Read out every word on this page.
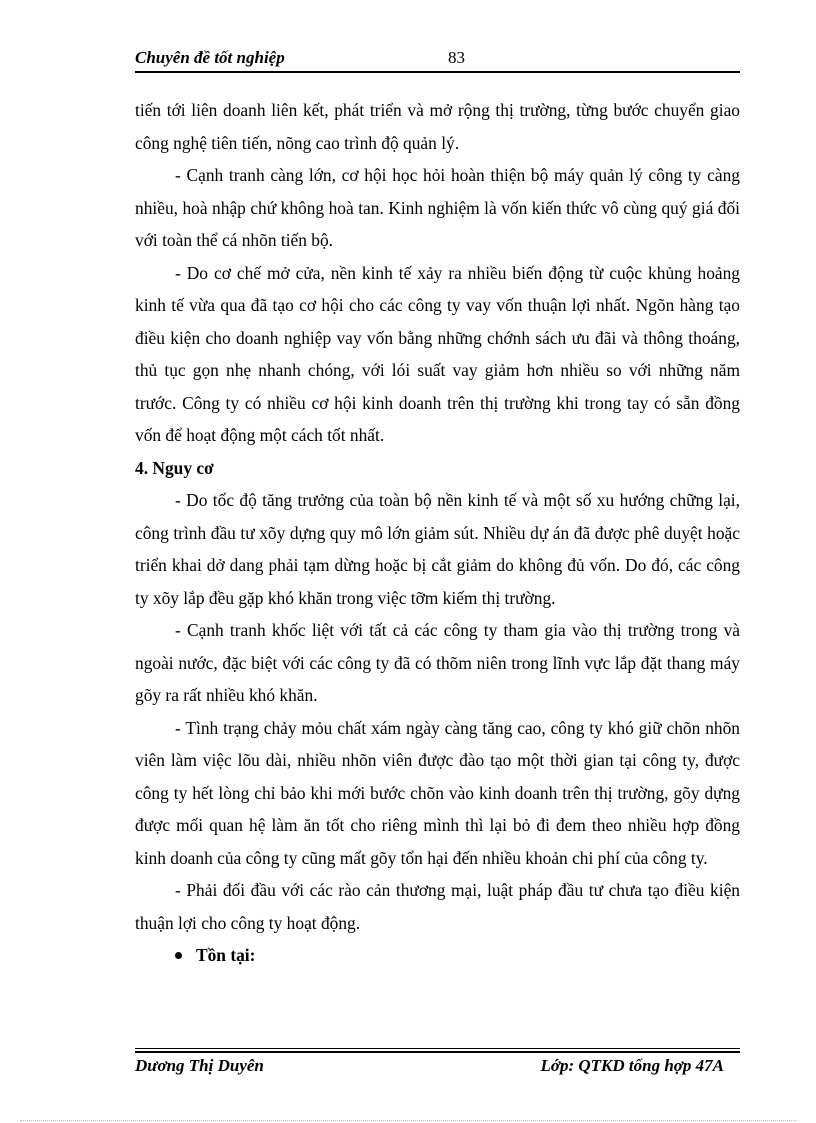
Chuyên đề tốt nghiệp	83

tiến tới liên doanh liên kết, phát triển và mở rộng thị trường, từng bước chuyển giao công nghệ tiên tiến, nõng cao trình độ quản lý.

- Cạnh tranh càng lớn, cơ hội học hỏi hoàn thiện bộ máy quản lý công ty càng nhiều, hoà nhập chứ không hoà tan. Kinh nghiệm là vốn kiến thức vô cùng quý giá đối với toàn thể cá nhõn tiến bộ.

- Do cơ chế mở cửa, nền kinh tế xảy ra nhiều biến động từ cuộc khủng hoảng kinh tế vừa qua đã tạo cơ hội cho các công ty vay vốn thuận lợi nhất. Ngõn hàng tạo điều kiện cho doanh nghiệp vay vốn bằng những chớnh sách ưu đãi và thông thoáng, thủ tục gọn nhẹ nhanh chóng, với lói suất vay giảm hơn nhiều so với những năm trước. Công ty có nhiều cơ hội kinh doanh trên thị trường khi trong tay có sẵn đồng vốn để hoạt động một cách tốt nhất.

4. Nguy cơ

- Do tốc độ tăng trưởng của toàn bộ nền kinh tế và một số xu hướng chững lại, công trình đầu tư xõy dựng quy mô lớn giảm sút. Nhiều dự án đã được phê duyệt hoặc triển khai dở dang phải tạm dừng hoặc bị cắt giảm do không đủ vốn. Do đó, các công ty xõy lắp đều gặp khó khăn trong việc tỡm kiếm thị trường.

- Cạnh tranh khốc liệt với tất cả các công ty tham gia vào thị trường trong và ngoài nước, đặc biệt với các công ty đã có thõm niên trong lĩnh vực lắp đặt thang máy gõy ra rất nhiều khó khăn.

- Tình trạng chảy mỏu chất xám ngày càng tăng cao, công ty khó giữ chõn nhõn viên làm việc lõu dài, nhiều nhõn viên được đào tạo một thời gian tại công ty, được công ty hết lòng chỉ bảo khi mới bước chõn vào kinh doanh trên thị trường, gõy dựng được mối quan hệ làm ăn tốt cho riêng mình thì lại bỏ đi đem theo nhiều hợp đồng kinh doanh của công ty cũng mất gõy tổn hại đến nhiều khoản chi phí của công ty.

- Phải đối đầu với các rào cản thương mại, luật pháp đầu tư chưa tạo điều kiện thuận lợi cho công ty hoạt động.

Tồn tại:

Dương Thị Duyên	Lớp: QTKD tổng hợp 47A
